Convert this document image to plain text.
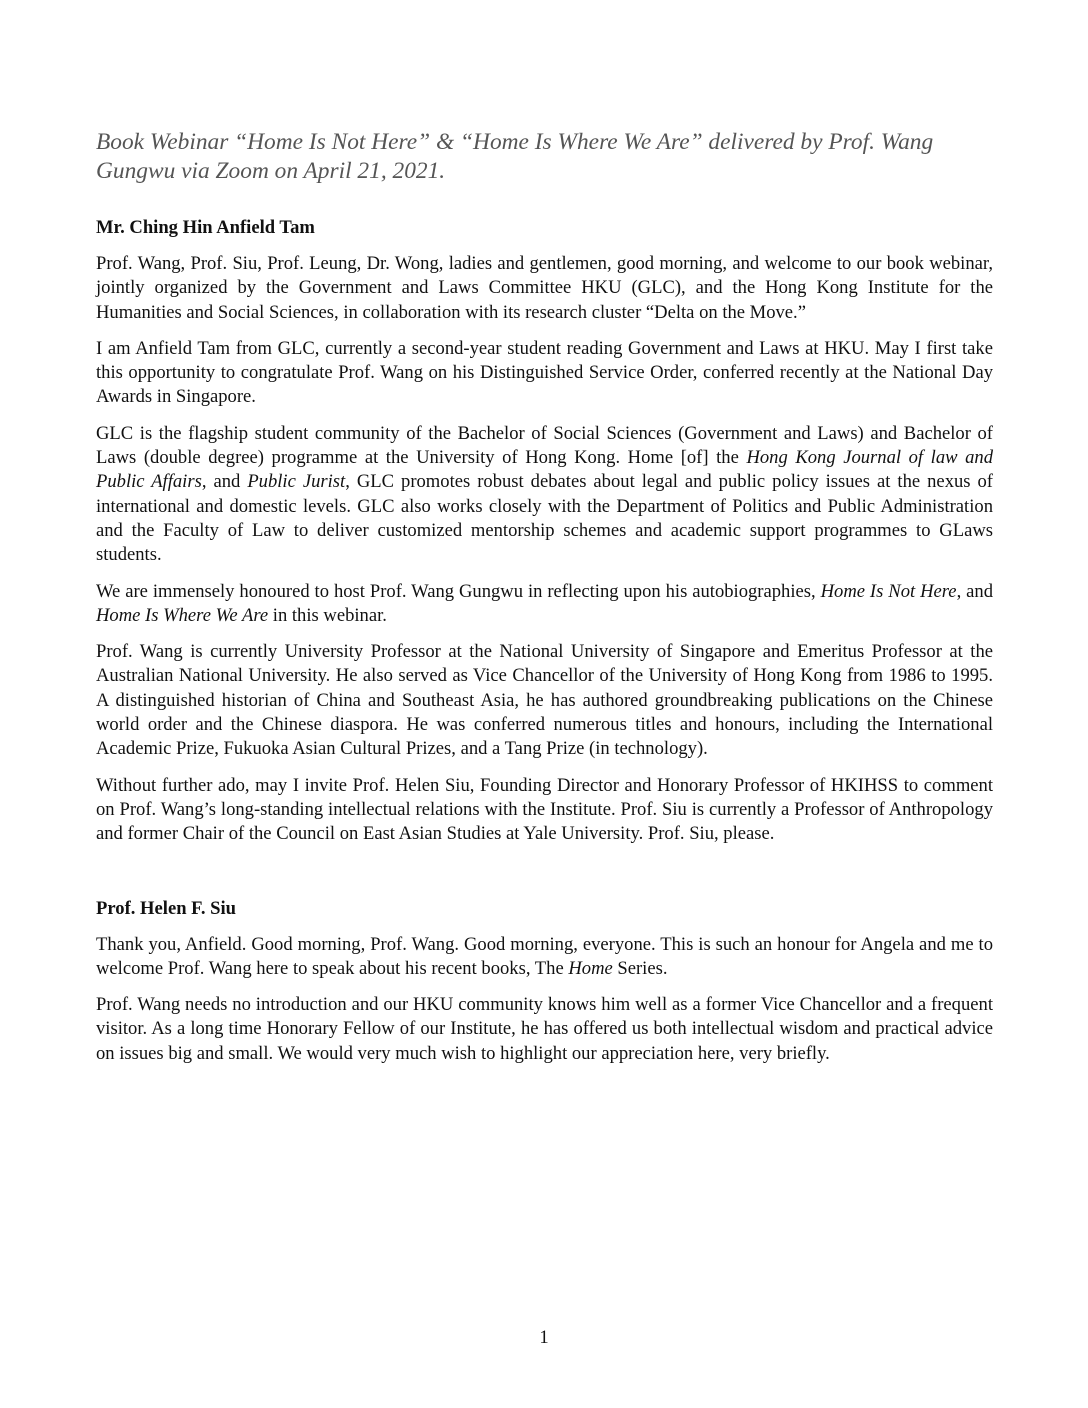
Book Webinar “Home Is Not Here” & “Home Is Where We Are” delivered by Prof. Wang Gungwu via Zoom on April 21, 2021.

Mr. Ching Hin Anfield Tam

Prof. Wang, Prof. Siu, Prof. Leung, Dr. Wong, ladies and gentlemen, good morning, and welcome to our book webinar, jointly organized by the Government and Laws Committee HKU (GLC), and the Hong Kong Institute for the Humanities and Social Sciences, in collaboration with its research cluster “Delta on the Move.”

I am Anfield Tam from GLC, currently a second-year student reading Government and Laws at HKU. May I first take this opportunity to congratulate Prof. Wang on his Distinguished Service Order, conferred recently at the National Day Awards in Singapore.

GLC is the flagship student community of the Bachelor of Social Sciences (Government and Laws) and Bachelor of Laws (double degree) programme at the University of Hong Kong. Home [of] the Hong Kong Journal of law and Public Affairs, and Public Jurist, GLC promotes robust debates about legal and public policy issues at the nexus of international and domestic levels. GLC also works closely with the Department of Politics and Public Administration and the Faculty of Law to deliver customized mentorship schemes and academic support programmes to GLaws students.

We are immensely honoured to host Prof. Wang Gungwu in reflecting upon his autobiographies, Home Is Not Here, and Home Is Where We Are in this webinar.

Prof. Wang is currently University Professor at the National University of Singapore and Emeritus Professor at the Australian National University. He also served as Vice Chancellor of the University of Hong Kong from 1986 to 1995. A distinguished historian of China and Southeast Asia, he has authored groundbreaking publications on the Chinese world order and the Chinese diaspora. He was conferred numerous titles and honours, including the International Academic Prize, Fukuoka Asian Cultural Prizes, and a Tang Prize (in technology).

Without further ado, may I invite Prof. Helen Siu, Founding Director and Honorary Professor of HKIHSS to comment on Prof. Wang’s long-standing intellectual relations with the Institute. Prof. Siu is currently a Professor of Anthropology and former Chair of the Council on East Asian Studies at Yale University. Prof. Siu, please.

Prof. Helen F. Siu

Thank you, Anfield. Good morning, Prof. Wang. Good morning, everyone. This is such an honour for Angela and me to welcome Prof. Wang here to speak about his recent books, The Home Series.

Prof. Wang needs no introduction and our HKU community knows him well as a former Vice Chancellor and a frequent visitor. As a long time Honorary Fellow of our Institute, he has offered us both intellectual wisdom and practical advice on issues big and small. We would very much wish to highlight our appreciation here, very briefly.

1
